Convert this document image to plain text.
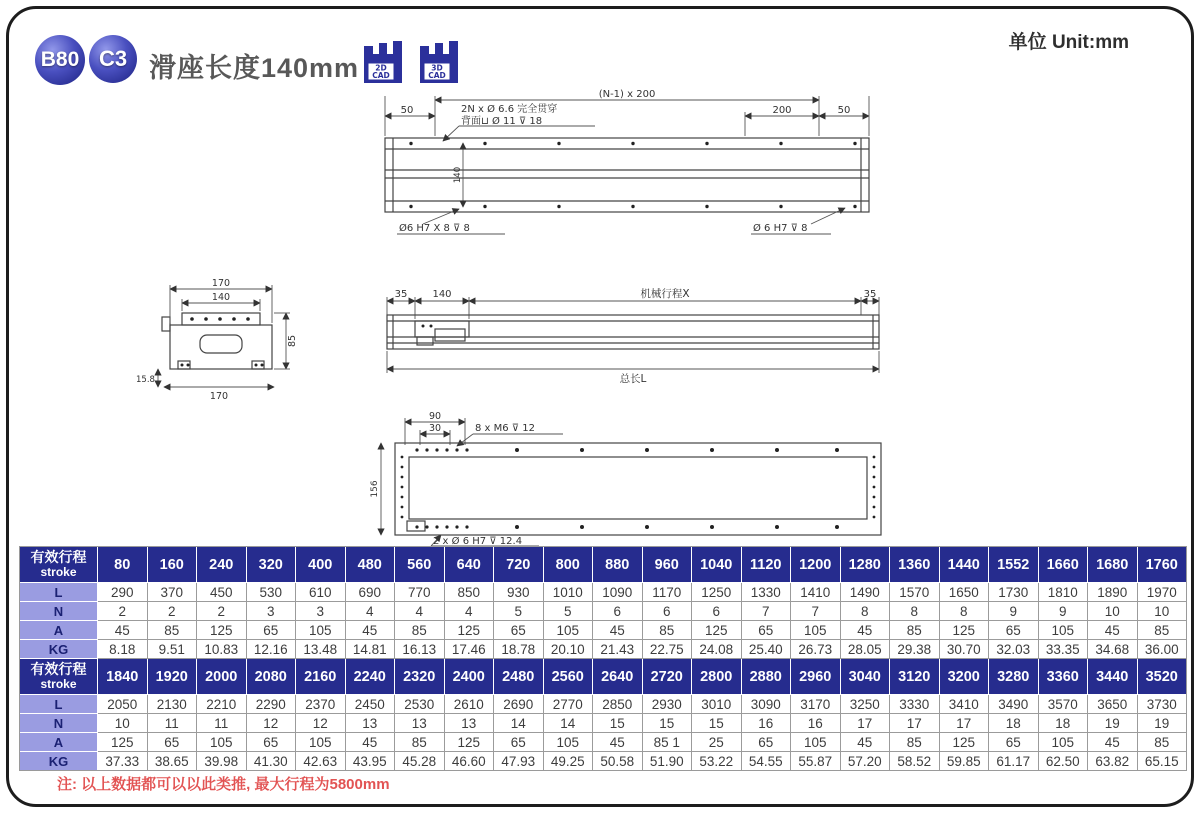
B80 C3 滑座长度140mm 2D
CAD
3D
CAD
单位 Unit:mm
(N-1) x 200
50	200	50
2N x Ø 6.6 完全贯穿
背面⊔ Ø 11 ⊽ 18
140
Ø6 H7 X 8 ⊽ 8	Ø 6 H7 ⊽ 8
170
140
85
15.8
170
35	140	机械行程X	35
总长L
90
30	8 x M6 ⊽ 12
156
2 x Ø 6 H7 ⊽ 12.4
有效行程
stroke	80	160	240	320	400	480	560	640	720	800	880	960	1040	1120	1200	1280	1360	1440	1552	1660	1680	1760
L	290	370	450	530	610	690	770	850	930	1010	1090	1170	1250	1330	1410	1490	1570	1650	1730	1810	1890	1970
N	2	2	2	3	3	4	4	4	5	5	6	6	6	7	7	8	8	8	9	9	10	10
A	45	85	125	65	105	45	85	125	65	105	45	85	125	65	105	45	85	125	65	105	45	85
KG	8.18	9.51	10.83	12.16	13.48	14.81	16.13	17.46	18.78	20.10	21.43	22.75	24.08	25.40	26.73	28.05	29.38	30.70	32.03	33.35	34.68	36.00

有效行程
stroke	1840	1920	2000	2080	2160	2240	2320	2400	2480	2560	2640	2720	2800	2880	2960	3040	3120	3200	3280	3360	3440	3520
L	2050	2130	2210	2290	2370	2450	2530	2610	2690	2770	2850	2930	3010	3090	3170	3250	3330	3410	3490	3570	3650	3730
N	10	11	11	12	12	13	13	13	14	14	15	15	15	16	16	17	17	17	18	18	19	19
A	125	65	105	65	105	45	85	125	65	105	45	85 1	25	65	105	45	85	125	65	105	45	85
KG	37.33	38.65	39.98	41.30	42.63	43.95	45.28	46.60	47.93	49.25	50.58	51.90	53.22	54.55	55.87	57.20	58.52	59.85	61.17	62.50	63.82	65.15
注: 以上数据都可以以此类推, 最大行程为5800mm
